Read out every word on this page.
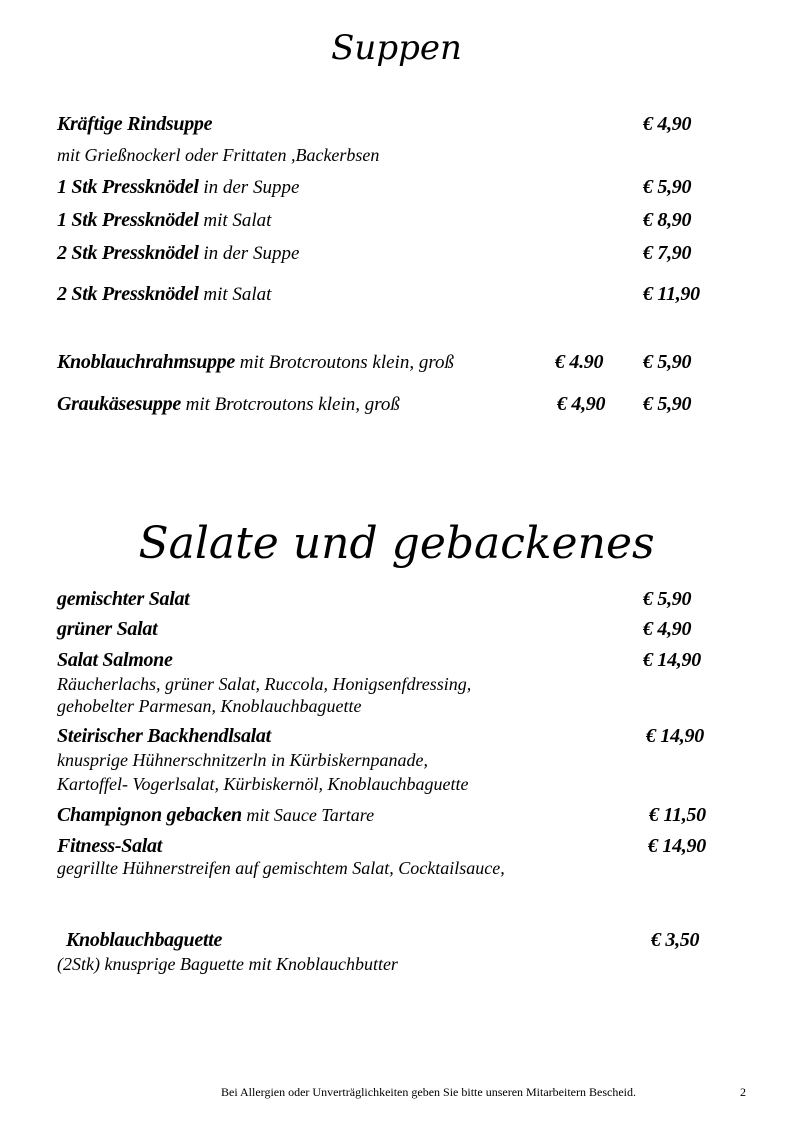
Suppen
Kräftige Rindsuppe	€ 4,90
mit Grießnockerl oder Frittaten ,Backerbsen
1 Stk Pressknödel in der Suppe	€ 5,90
1 Stk Pressknödel mit Salat	€ 8,90
2 Stk Pressknödel in der Suppe	€ 7,90
2 Stk Pressknödel mit Salat	€ 11,90
Knoblauchrahmsuppe mit Brotcroutons klein, groß	€ 4.90 € 5,90
Graukäsesuppe mit Brotcroutons klein, groß	€ 4,90 € 5,90
Salate und gebackenes
gemischter Salat	€ 5,90
grüner Salat	€ 4,90
Salat Salmone	€ 14,90
Räucherlachs, grüner Salat, Ruccola, Honigsenfdressing,
gehobelter Parmesan, Knoblauchbaguette
Steirischer Backhendlsalat	€ 14,90
knusprige Hühnerschnitzerln in Kürbiskernpanade,
Kartoffel- Vogerlsalat, Kürbiskernöl, Knoblauchbaguette
Champignon gebacken mit Sauce Tartare	€ 11,50
Fitness-Salat	€ 14,90
gegrillte Hühnerstreifen auf gemischtem Salat, Cocktailsauce,
Knoblauchbaguette	€ 3,50
(2Stk) knusprige Baguette mit Knoblauchbutter
Bei Allergien oder Unverträglichkeiten geben Sie bitte unseren Mitarbeitern Bescheid.	2
